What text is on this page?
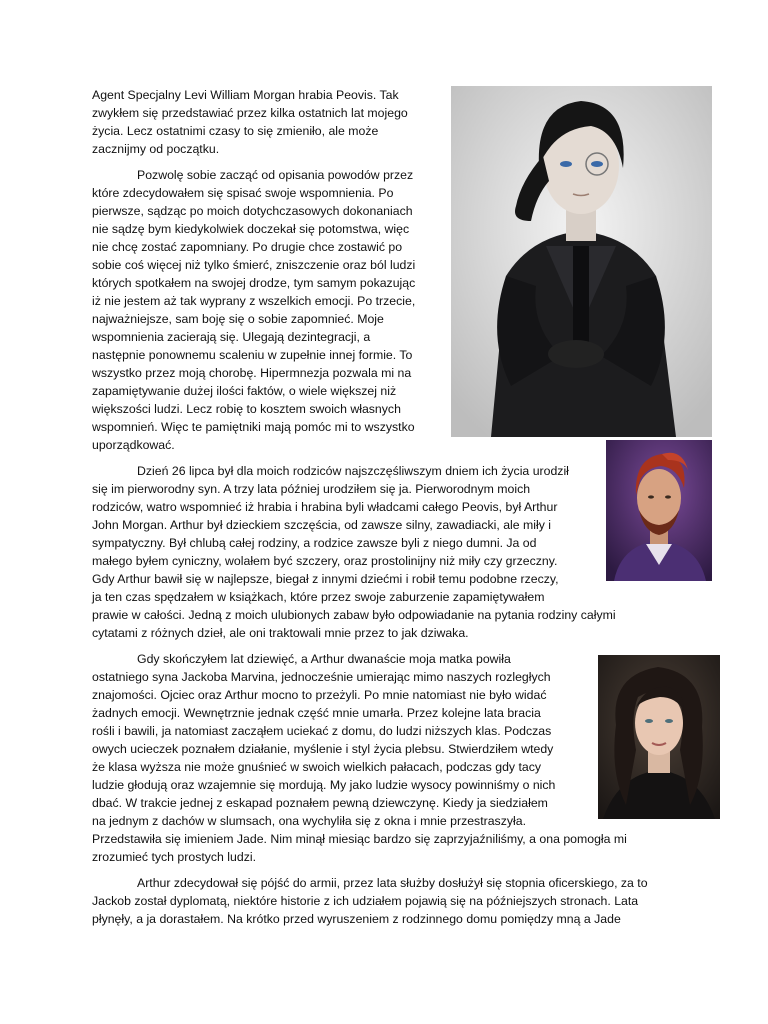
Agent Specjalny Levi William Morgan hrabia Peovis. Tak
zwykłem się przedstawiać przez kilka ostatnich lat mojego
życia. Lecz ostatnimi czasy to się zmieniło, ale może
zacznijmy od początku.
Pozwolę sobie zacząć od opisania powodów przez
które zdecydowałem się spisać swoje wspomnienia. Po
pierwsze, sądząc po moich dotychczasowych dokonaniach
nie sądzę bym kiedykolwiek doczekał się potomstwa, więc
nie chcę zostać zapomniany. Po drugie chce zostawić po
sobie coś więcej niż tylko śmierć, zniszczenie oraz ból ludzi
których spotkałem na swojej drodze, tym samym pokazując
iż nie jestem aż tak wyprany z wszelkich emocji. Po trzecie,
najważniejsze, sam boję się o sobie zapomnieć. Moje
wspomnienia zacierają się. Ulegają dezintegracji, a
następnie ponownemu scaleniu w zupełnie innej formie. To
wszystko przez moją chorobę. Hipermnezja pozwala mi na
zapamiętywanie dużej ilości faktów, o wiele większej niż
większości ludzi. Lecz robię to kosztem swoich własnych
wspomnień. Więc te pamiętniki mają pomóc mi to wszystko
uporządkować.
Dzień 26 lipca był dla moich rodziców najszczęśliwszym dniem ich życia urodził
się im pierworodny syn. A trzy lata później urodziłem się ja. Pierworodnym moich
rodziców, watro wspomnieć iż hrabia i hrabina byli władcami całego Peovis, był Arthur
John Morgan. Arthur był dzieckiem szczęścia, od zawsze silny, zawadiacki, ale miły i
sympatyczny. Był chlubą całej rodziny, a rodzice zawsze byli z niego dumni. Ja od
małego byłem cyniczny, wolałem być szczery, oraz prostolinijny niż miły czy grzeczny.
Gdy Arthur bawił się w najlepsze, biegał z innymi dziećmi i robił temu podobne rzeczy,
ja ten czas spędzałem w książkach, które przez swoje zaburzenie zapamiętywałem
prawie w całości. Jedną z moich ulubionych zabaw było odpowiadanie na pytania rodziny całymi
cytatami z różnych dzieł, ale oni traktowali mnie przez to jak dziwaka.
Gdy skończyłem lat dziewięć, a Arthur dwanaście moja matka powiła
ostatniego syna Jackoba Marvina, jednocześnie umierając mimo naszych rozległych
znajomości. Ojciec oraz Arthur mocno to przeżyli. Po mnie natomiast nie było widać
żadnych emocji. Wewnętrznie jednak część mnie umarła. Przez kolejne lata bracia
rośli i bawili, ja natomiast zacząłem uciekać z domu, do ludzi niższych klas. Podczas
owych ucieczek poznałem działanie, myślenie i styl życia plebsu. Stwierdziłem wtedy
że klasa wyższa nie może gnuśnieć w swoich wielkich pałacach, podczas gdy tacy
ludzie głodują oraz wzajemnie się mordują. My jako ludzie wysocy powinniśmy o nich
dbać. W trakcie jednej z eskapad poznałem pewną dziewczynę. Kiedy ja siedziałem
na jednym z dachów w slumsach, ona wychyliła się z okna i mnie przestraszyła.
Przedstawiła się imieniem Jade. Nim minął miesiąc bardzo się zaprzyjaźniliśmy, a ona pomogła mi
zrozumieć tych prostych ludzi.
Arthur zdecydował się pójść do armii, przez lata służby dosłużył się stopnia oficerskiego, za to
Jackob został dyplomatą, niektóre historie z ich udziałem pojawią się na późniejszych stronach. Lata
płynęły, a ja dorastałem. Na krótko przed wyruszeniem z rodzinnego domu pomiędzy mną a Jade
